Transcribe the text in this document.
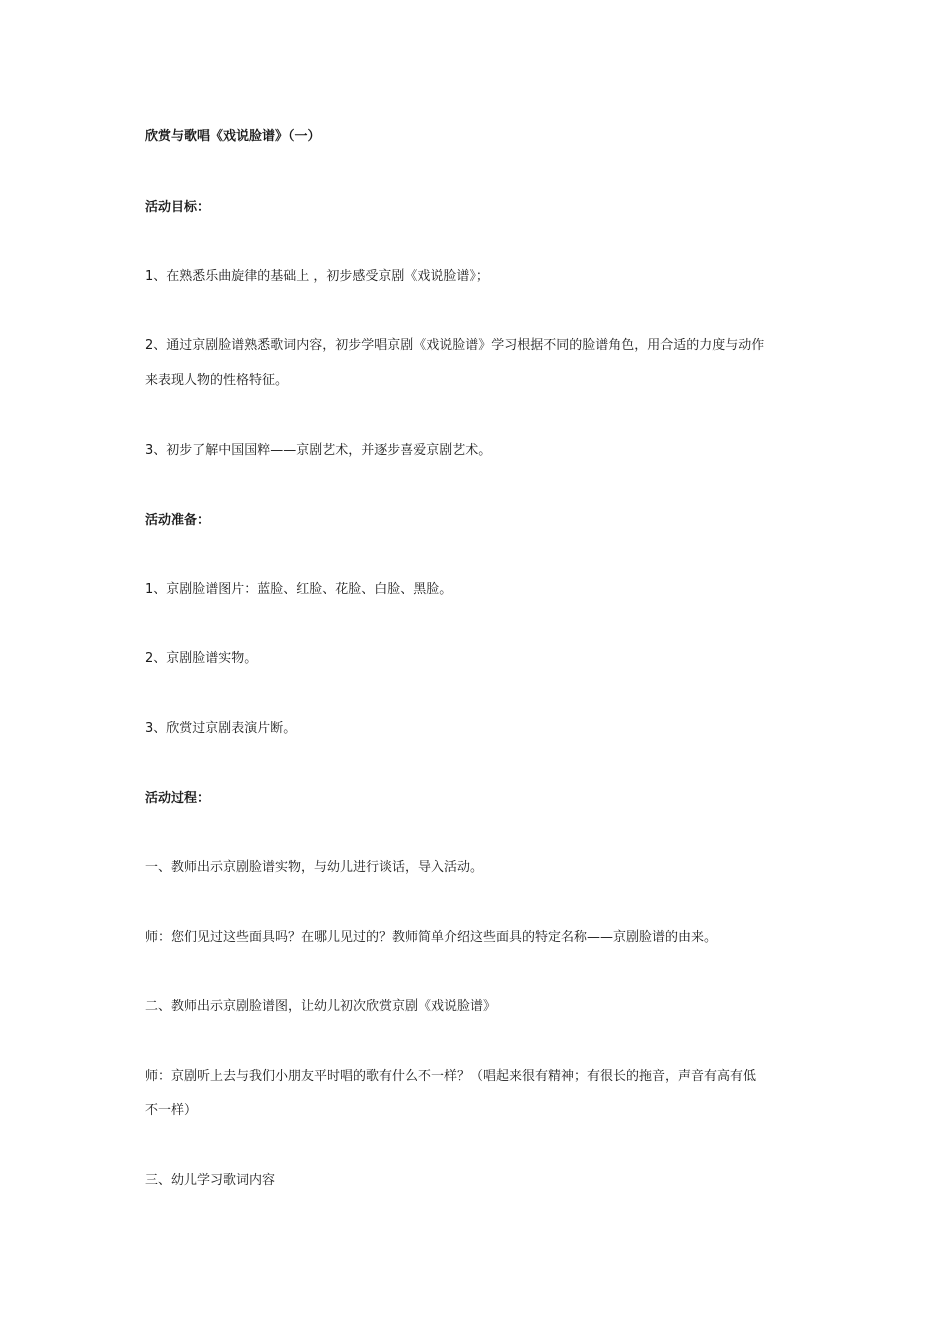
欣赏与歌唱《戏说脸谱》（一）
活动目标：
1、在熟悉乐曲旋律的基础上 ，初步感受京剧《戏说脸谱》；
2、通过京剧脸谱熟悉歌词内容，初步学唱京剧《戏说脸谱》学习根据不同的脸谱角色，用合适的力度与动作
来表现人物的性格特征。
3、初步了解中国国粹——京剧艺术，并逐步喜爱京剧艺术。
活动准备：
1、京剧脸谱图片：蓝脸、红脸、花脸、白脸、黑脸。
2、京剧脸谱实物。
3、欣赏过京剧表演片断。
活动过程：
一、教师出示京剧脸谱实物，与幼儿进行谈话，导入活动。
师：您们见过这些面具吗？在哪儿见过的？教师简单介绍这些面具的特定名称——京剧脸谱的由来。
二、教师出示京剧脸谱图，让幼儿初次欣赏京剧《戏说脸谱》
师：京剧听上去与我们小朋友平时唱的歌有什么不一样？（唱起来很有精神；有很长的拖音，声音有高有低
不一样）
三、幼儿学习歌词内容
